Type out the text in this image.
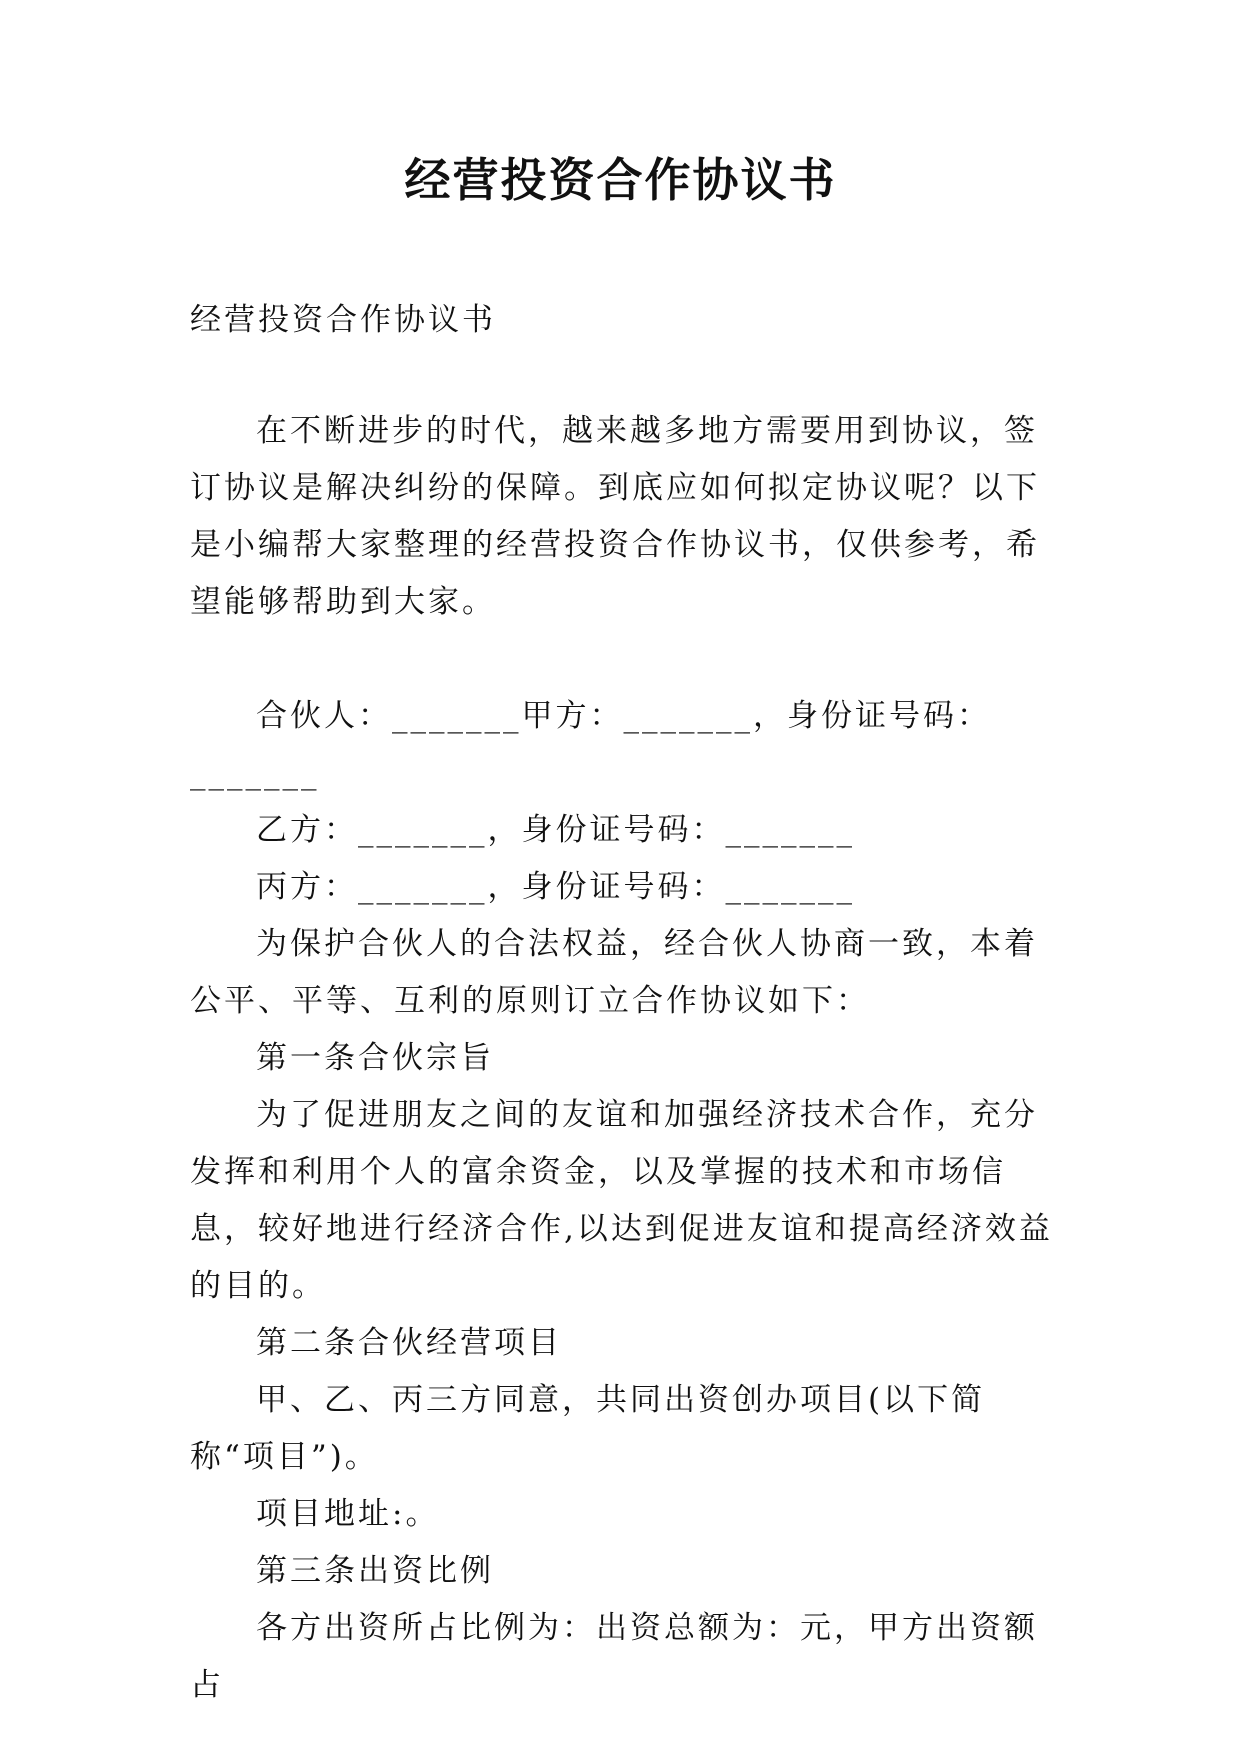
经营投资合作协议书

经营投资合作协议书

在不断进步的时代，越来越多地方需要用到协议，签订协议是解决纠纷的保障。到底应如何拟定协议呢？以下是小编帮大家整理的经营投资合作协议书，仅供参考，希望能够帮助到大家。

合伙人：_______甲方：_______，身份证号码：_______

乙方：_______，身份证号码：_______

丙方：_______，身份证号码：_______

为保护合伙人的合法权益，经合伙人协商一致，本着公平、平等、互利的原则订立合作协议如下：

第一条合伙宗旨

为了促进朋友之间的友谊和加强经济技术合作，充分发挥和利用个人的富余资金，以及掌握的技术和市场信息，较好地进行经济合作,以达到促进友谊和提高经济效益的目的。

第二条合伙经营项目

甲、乙、丙三方同意，共同出资创办项目(以下简称“项目”)。

项目地址:。

第三条出资比例

各方出资所占比例为：出资总额为：元，甲方出资额占
